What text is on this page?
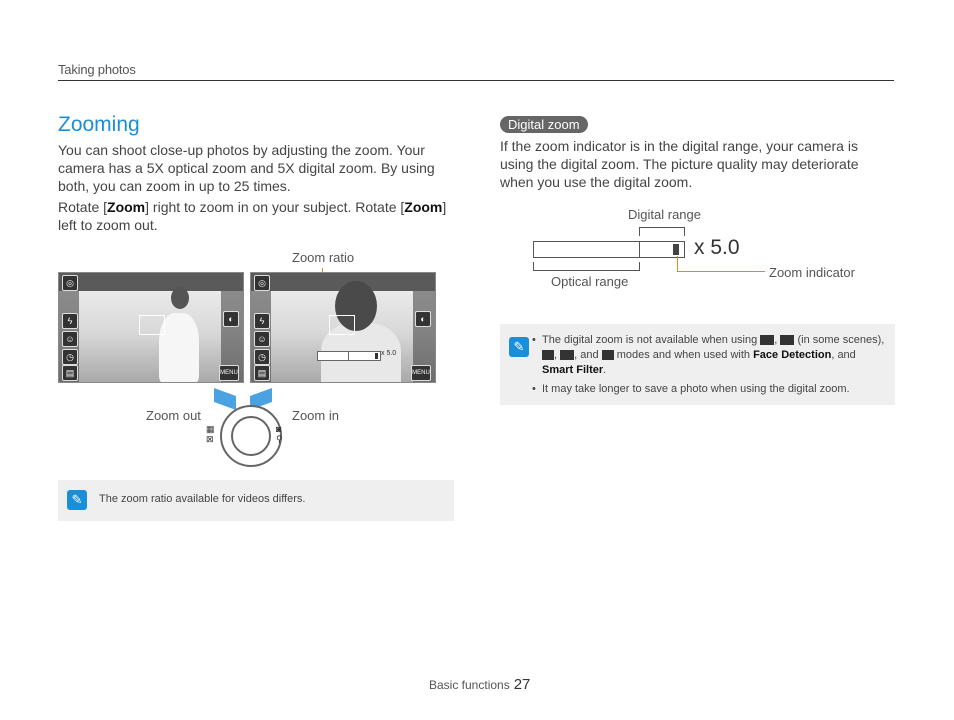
Taking photos
Zooming
You can shoot close-up photos by adjusting the zoom. Your camera has a 5X optical zoom and 5X digital zoom. By using both, you can zoom in up to 25 times.
Rotate [Zoom] right to zoom in on your subject. Rotate [Zoom] left to zoom out.
Zoom ratio
◎
ϟ
☺
◷
▤
◐
MENU
◎
ϟ
☺
◷
▤
◐
MENU
x 5.0
Zoom out	Zoom in
▦
⊠
◙
⚲
✎	The zoom ratio available for videos differs.
Digital zoom
If the zoom indicator is in the digital range, your camera is using the digital zoom. The picture quality may deteriorate when you use the digital zoom.
Digital range
x 5.0
Optical range
Zoom indicator
✎ • The digital zoom is not available when using ,  (in some scenes), , , and  modes and when used with Face Detection, and Smart Filter.
• It may take longer to save a photo when using the digital zoom.
Basic functions 27
